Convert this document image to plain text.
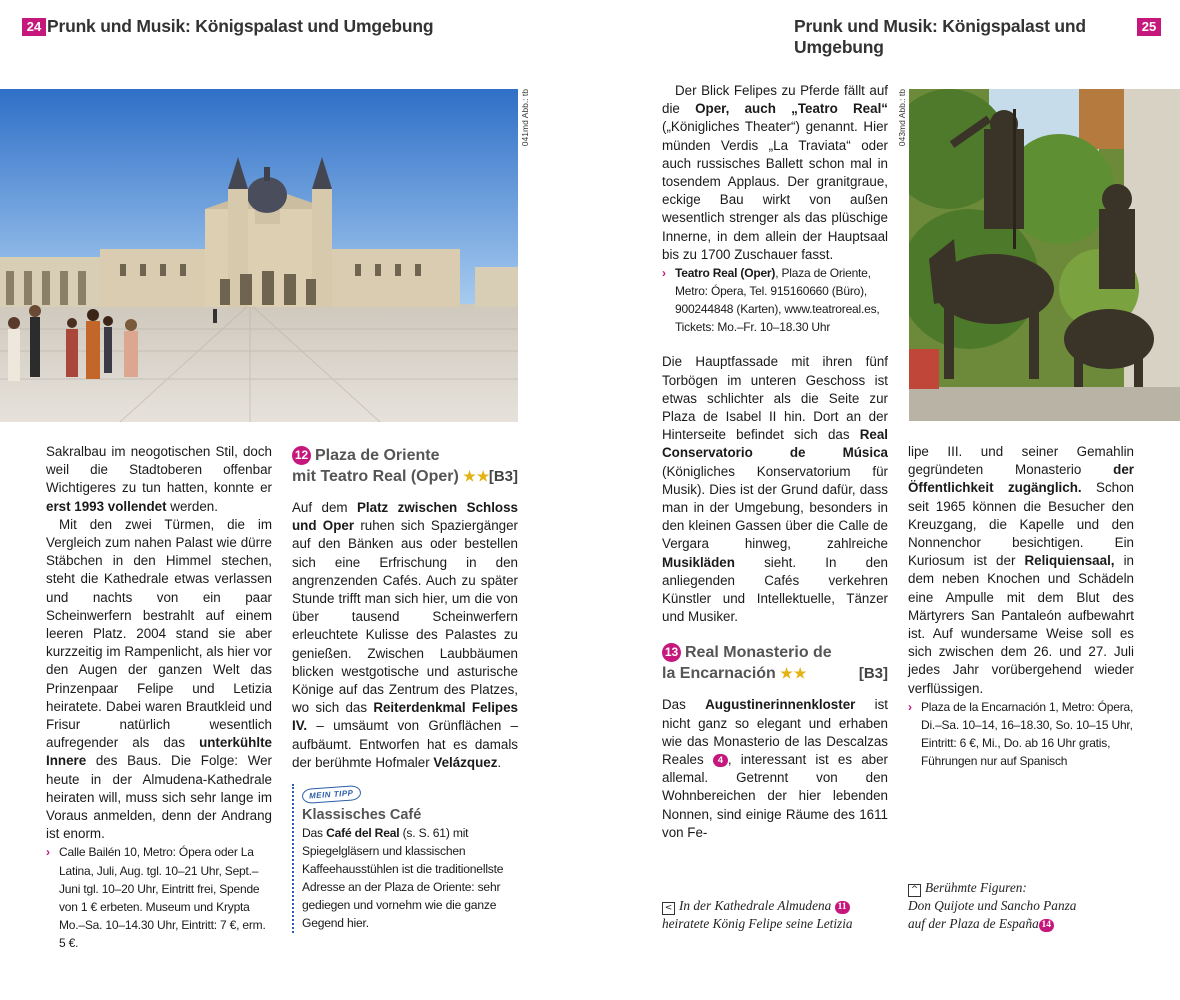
24 Prunk und Musik: Königspalast und Umgebung	Prunk und Musik: Königspalast und Umgebung
25
041md Abb.: tb	043md Abb.: tb

Sakralbau im neogotischen Stil, doch weil die Stadtoberen offenbar Wichtigeres zu tun hatten, konnte er erst 1993 vollendet werden.

Mit den zwei Türmen, die im Vergleich zum nahen Palast wie dürre Stäbchen in den Himmel stechen, steht die Kathedrale etwas verlassen und nachts von ein paar Scheinwerfern bestrahlt auf einem leeren Platz. 2004 stand sie aber kurzzeitig im Rampenlicht, als hier vor den Augen der ganzen Welt das Prinzenpaar Felipe und Letizia heiratete. Dabei waren Brautkleid und Frisur natürlich wesentlich aufregender als das unterkühlte Innere des Baus. Die Folge: Wer heute in der Almudena-Kathedrale heiraten will, muss sich sehr lange im Voraus anmelden, denn der Andrang ist enorm.

› Calle Bailén 10, Metro: Ópera oder La Latina, Juli, Aug. tgl. 10–21 Uhr, Sept.–Juni tgl. 10–20 Uhr, Eintritt frei, Spende von 1 € erbeten. Museum und Krypta Mo.–Sa. 10–14.30 Uhr, Eintritt: 7 €, erm. 5 €.
12 Plaza de Oriente
mit Teatro Real (Oper) ★★
[B3]

Auf dem Platz zwischen Schloss und Oper ruhen sich Spaziergänger auf den Bänken aus oder bestellen sich eine Erfrischung in den angrenzenden Cafés. Auch zu später Stunde trifft man sich hier, um die von über tausend Scheinwerfern erleuchtete Kulisse des Palastes zu genießen. Zwischen Laubbäumen blicken westgotische und asturische Könige auf das Zentrum des Platzes, wo sich das Reiterdenkmal Felipes IV. – umsäumt von Grünflächen – aufbäumt. Entworfen hat es damals der berühmte Hofmaler Velázquez.

MEIN TIPP
Klassisches Café
Das Café del Real (s. S. 61) mit Spiegelgläsern und klassischen Kaffeehausstühlen ist die traditionellste Adresse an der Plaza de Oriente: sehr gediegen und vornehm wie die ganze Gegend hier.

Der Blick Felipes zu Pferde fällt auf die Oper, auch „Teatro Real“ („Königliches Theater“) genannt. Hier münden Verdis „La Traviata“ oder auch russisches Ballett schon mal in tosendem Applaus. Der granitgraue, eckige Bau wirkt von außen wesentlich strenger als das plüschige Innerne, in dem allein der Hauptsaal bis zu 1700 Zuschauer fasst.

› Teatro Real (Oper), Plaza de Oriente, Metro: Ópera, Tel. 915160660 (Büro), 900244848 (Karten), www.teatroreal.es, Tickets: Mo.–Fr. 10–18.30 Uhr

Die Hauptfassade mit ihren fünf Torbögen im unteren Geschoss ist etwas schlichter als die Seite zur Plaza de Isabel II hin. Dort an der Hinterseite befindet sich das Real Conservatorio de Música (Königliches Konservatorium für Musik). Dies ist der Grund dafür, dass man in der Umgebung, besonders in den kleinen Gassen über die Calle de Vergara hinweg, zahlreiche Musikläden sieht. In den anliegenden Cafés verkehren Künstler und Intellektuelle, Tänzer und Musiker.

13 Real Monasterio de
la Encarnación ★★	[B3]

Das Augustinerinnenkloster ist nicht ganz so elegant und erhaben wie das Monasterio de las Descalzas Reales 4 , interessant ist es aber allemal. Getrennt von den Wohnbereichen der hier lebenden Nonnen, sind einige Räume des 1611 von Fe-

lipe III. und seiner Gemahlin gegründeten Monasterio der Öffentlichkeit zugänglich. Schon seit 1965 können die Besucher den Kreuzgang, die Kapelle und den Nonnenchor besichtigen. Ein Kuriosum ist der Reliquiensaal, in dem neben Knochen und Schädeln eine Ampulle mit dem Blut des Märtyrers San Pantaleón aufbewahrt ist. Auf wundersame Weise soll es sich zwischen dem 26. und 27. Juli jedes Jahr vorübergehend wieder verflüssigen.

› Plaza de la Encarnación 1, Metro: Ópera, Di.–Sa. 10–14, 16–18.30, So. 10–15 Uhr, Eintritt: 6 €, Mi., Do. ab 16 Uhr gratis, Führungen nur auf Spanisch
< In der Kathedrale Almudena 11
heiratete König Felipe seine Letizia
^ Berühmte Figuren:
Don Quijote und Sancho Panza
auf der Plaza de España 14
